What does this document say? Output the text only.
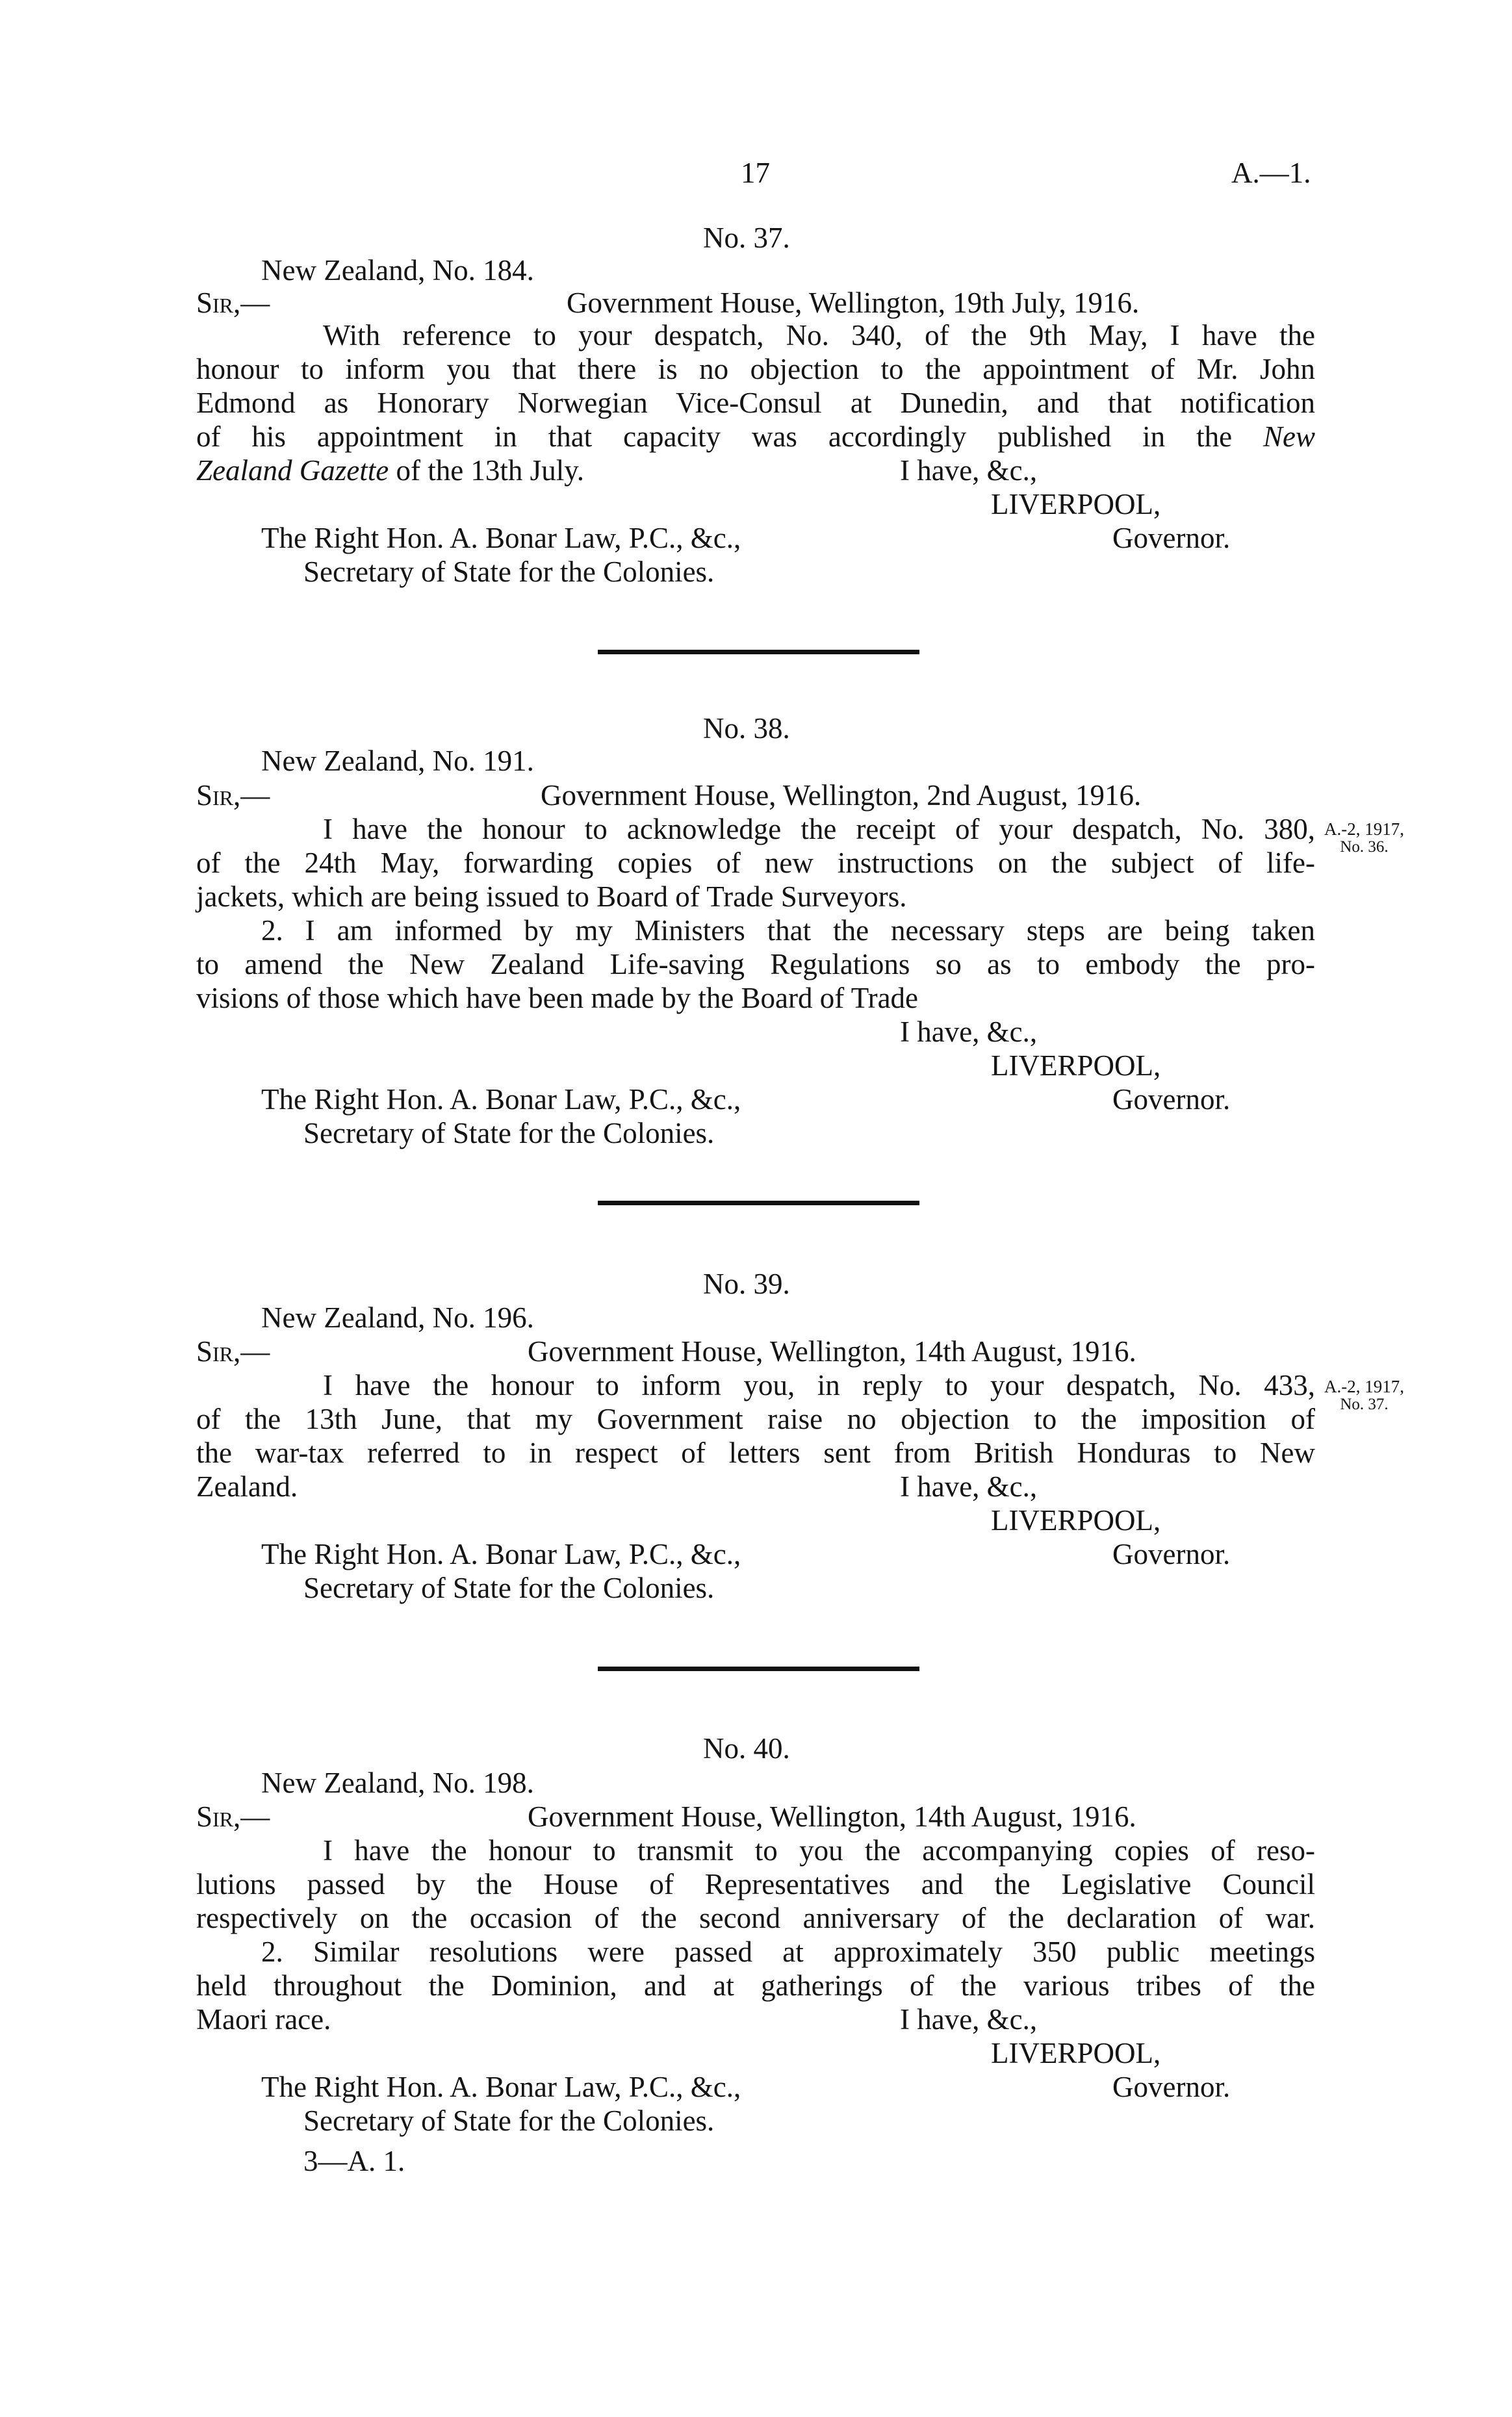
17	A.—1.
No. 37.
New Zealand, No. 184.
Sir,—	Government House, Wellington, 19th July, 1916.
With reference to your despatch, No. 340, of the 9th May, I have the
honour to inform you that there is no objection to the appointment of Mr. John
Edmond as Honorary Norwegian Vice-Consul at Dunedin, and that notification
of his appointment in that capacity was accordingly published in the New
Zealand Gazette of the 13th July.	I have, &c.,
LIVERPOOL,
The Right Hon. A. Bonar Law, P.C., &c.,	Governor.
Secretary of State for the Colonies.
No. 38.
New Zealand, No. 191.
Sir,—	Government House, Wellington, 2nd August, 1916.
I have the honour to acknowledge the receipt of your despatch, No. 380,
of the 24th May, forwarding copies of new instructions on the subject of life-
jackets, which are being issued to Board of Trade Surveyors.
2. I am informed by my Ministers that the necessary steps are being taken
to amend the New Zealand Life-saving Regulations so as to embody the pro-
visions of those which have been made by the Board of Trade
I have, &c.,
LIVERPOOL,
The Right Hon. A. Bonar Law, P.C., &c.,	Governor.
Secretary of State for the Colonies.
A.-2, 1917,
No. 36.
No. 39.
New Zealand, No. 196.
Sir,—	Government House, Wellington, 14th August, 1916.
I have the honour to inform you, in reply to your despatch, No. 433,
of the 13th June, that my Government raise no objection to the imposition of
the war-tax referred to in respect of letters sent from British Honduras to New
Zealand.	I have, &c.,
LIVERPOOL,
The Right Hon. A. Bonar Law, P.C., &c.,	Governor.
Secretary of State for the Colonies.
A.-2, 1917,
No. 37.
No. 40.
New Zealand, No. 198.
Sir,—	Government House, Wellington, 14th August, 1916.
I have the honour to transmit to you the accompanying copies of reso-
lutions passed by the House of Representatives and the Legislative Council
respectively on the occasion of the second anniversary of the declaration of war.
2. Similar resolutions were passed at approximately 350 public meetings
held throughout the Dominion, and at gatherings of the various tribes of the
Maori race.	I have, &c.,
LIVERPOOL,
The Right Hon. A. Bonar Law, P.C., &c.,	Governor.
Secretary of State for the Colonies.
3—A. 1.
